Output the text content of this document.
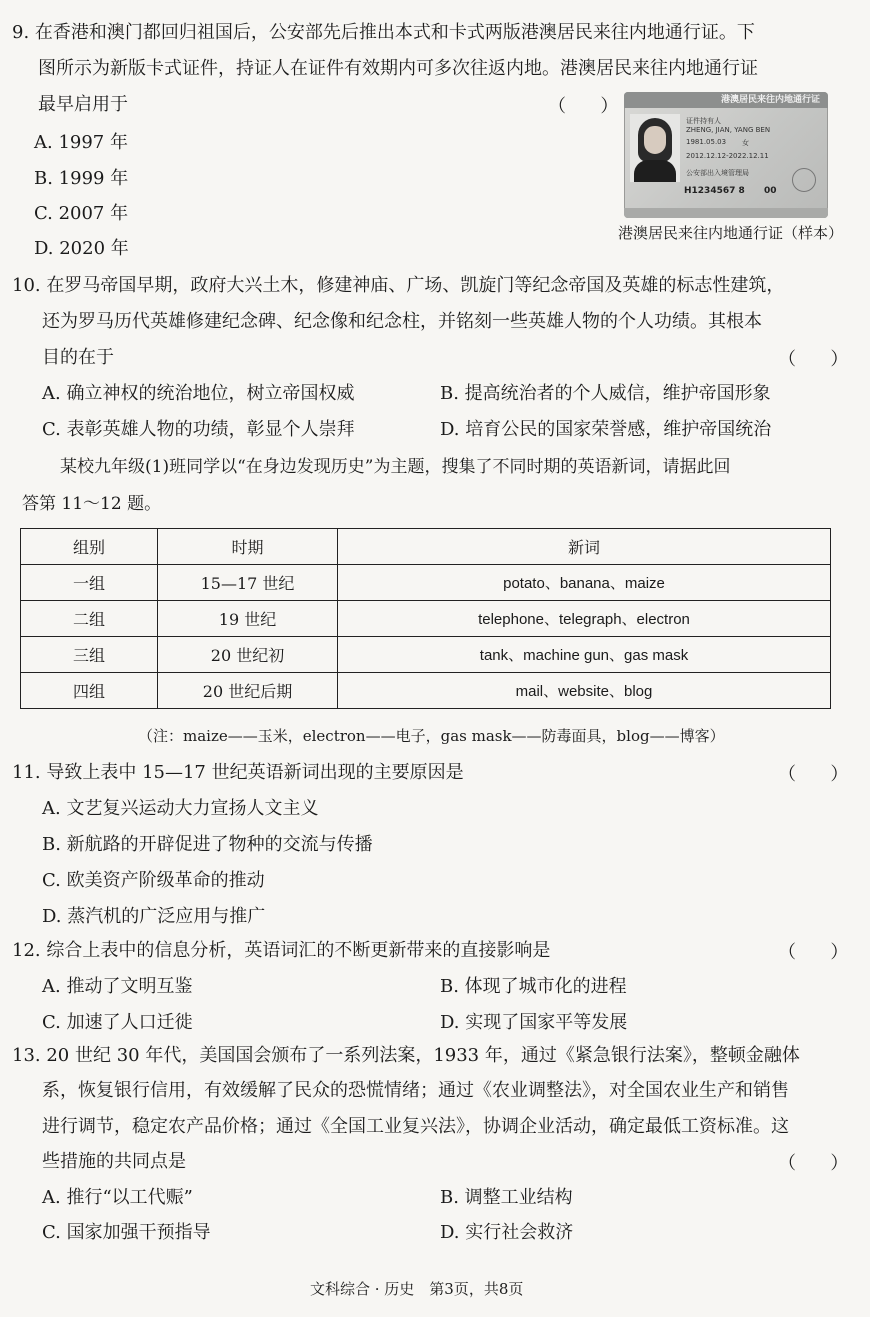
9. 在香港和澳门都回归祖国后，公安部先后推出本式和卡式两版港澳居民来往内地通行证。下
图所示为新版卡式证件，持证人在证件有效期内可多次往返内地。港澳居民来往内地通行证
最早启用于	（      ）
A. 1997 年
B. 1999 年
C. 2007 年
D. 2020 年
港澳居民来往内地通行证
证件持有人
ZHENG, JIAN, YANG BEN
1981.05.03 女
2012.12.12-2022.12.11
公安部出入境管理局
H1234567 8 00
港澳居民来往内地通行证（样本）
10. 在罗马帝国早期，政府大兴土木，修建神庙、广场、凯旋门等纪念帝国及英雄的标志性建筑，
还为罗马历代英雄修建纪念碑、纪念像和纪念柱，并铭刻一些英雄人物的个人功绩。其根本
目的在于	（      ）
A. 确立神权的统治地位，树立帝国权威	B. 提高统治者的个人威信，维护帝国形象
C. 表彰英雄人物的功绩，彰显个人崇拜	D. 培育公民的国家荣誉感，维护帝国统治
某校九年级(1)班同学以“在身边发现历史”为主题，搜集了不同时期的英语新词，请据此回
答第 11～12 题。
组别	时期	新词
一组	15—17 世纪	potato、banana、maize
二组	19 世纪	telephone、telegraph、electron
三组	20 世纪初	tank、machine gun、gas mask
四组	20 世纪后期	mail、website、blog
（注：maize——玉米，electron——电子，gas mask——防毒面具，blog——博客）
11. 导致上表中 15—17 世纪英语新词出现的主要原因是	（      ）
A. 文艺复兴运动大力宣扬人文主义
B. 新航路的开辟促进了物种的交流与传播
C. 欧美资产阶级革命的推动
D. 蒸汽机的广泛应用与推广
12. 综合上表中的信息分析，英语词汇的不断更新带来的直接影响是	（      ）
A. 推动了文明互鉴	B. 体现了城市化的进程
C. 加速了人口迁徙	D. 实现了国家平等发展
13. 20 世纪 30 年代，美国国会颁布了一系列法案，1933 年，通过《紧急银行法案》，整顿金融体
系，恢复银行信用，有效缓解了民众的恐慌情绪；通过《农业调整法》，对全国农业生产和销售
进行调节，稳定农产品价格；通过《全国工业复兴法》，协调企业活动，确定最低工资标准。这
些措施的共同点是	（      ）
A. 推行“以工代赈”	B. 调整工业结构
C. 国家加强干预指导	D. 实行社会救济
文科综合 · 历史　第3页，共8页
